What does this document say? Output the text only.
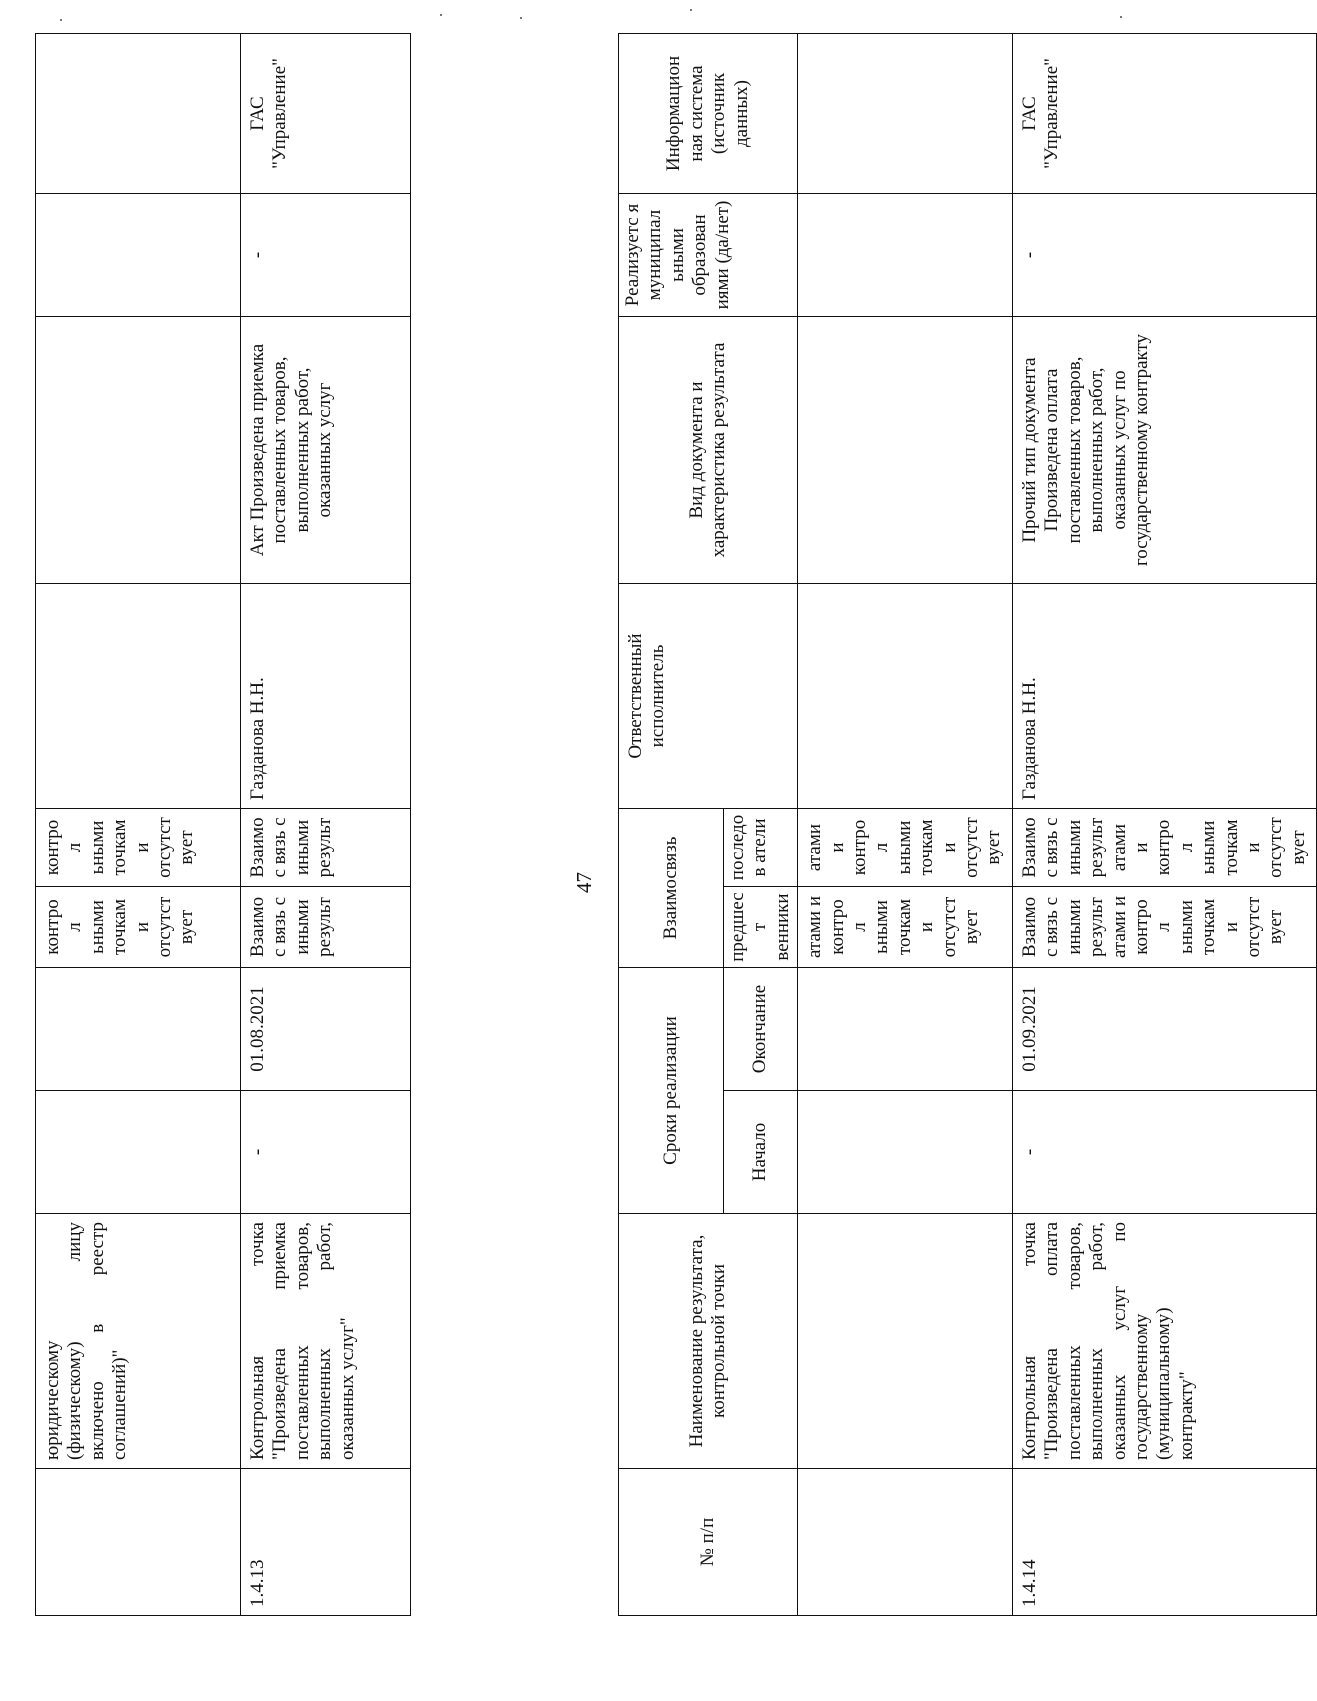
	юридическому (физическому) лицу включено в реестр соглашений)"			контрол ьными точками отсутст вует	контрол ьными точками отсутст вует				
1.4.13	Контрольная точка "Произведена приемка поставленных товаров, выполненных работ, оказанных услуг"	-	01.08.2021	Взаимос вязь с иными результ	Взаимос вязь с иными результ	Газданова Н.Н.	Акт Произведена приемка поставленных товаров, выполненных работ, оказанных услуг	-	ГАС "Управление"
47
№ п/п	Наименование результата, контрольной точки	Сроки реализации		Взаимосвязь		Ответственный исполнитель	Вид документа и характеристика результата	Реализуетс я муниципал ьными образован иями (да/нет)	Информацион ная система (источник данных)
		Начало	Окончание	предшест венники	последов атели				
				атами и контрол ьными точками отсутст вует	атами и контрол ьными точками отсутст вует				
1.4.14	Контрольная точка "Произведена оплата поставленных товаров, выполненных работ, оказанных услуг по государственному (муниципальному) контракту"	-	01.09.2021	Взаимос вязь с иными результ атами и контрол ьными точками отсутст вует	Взаимос вязь с иными результ атами и контрол ьными точками отсутст вует	Газданова Н.Н.	Прочий тип документа Произведена оплата поставленных товаров, выполненных работ, оказанных услуг по государственному контракту	-	ГАС "Управление"
